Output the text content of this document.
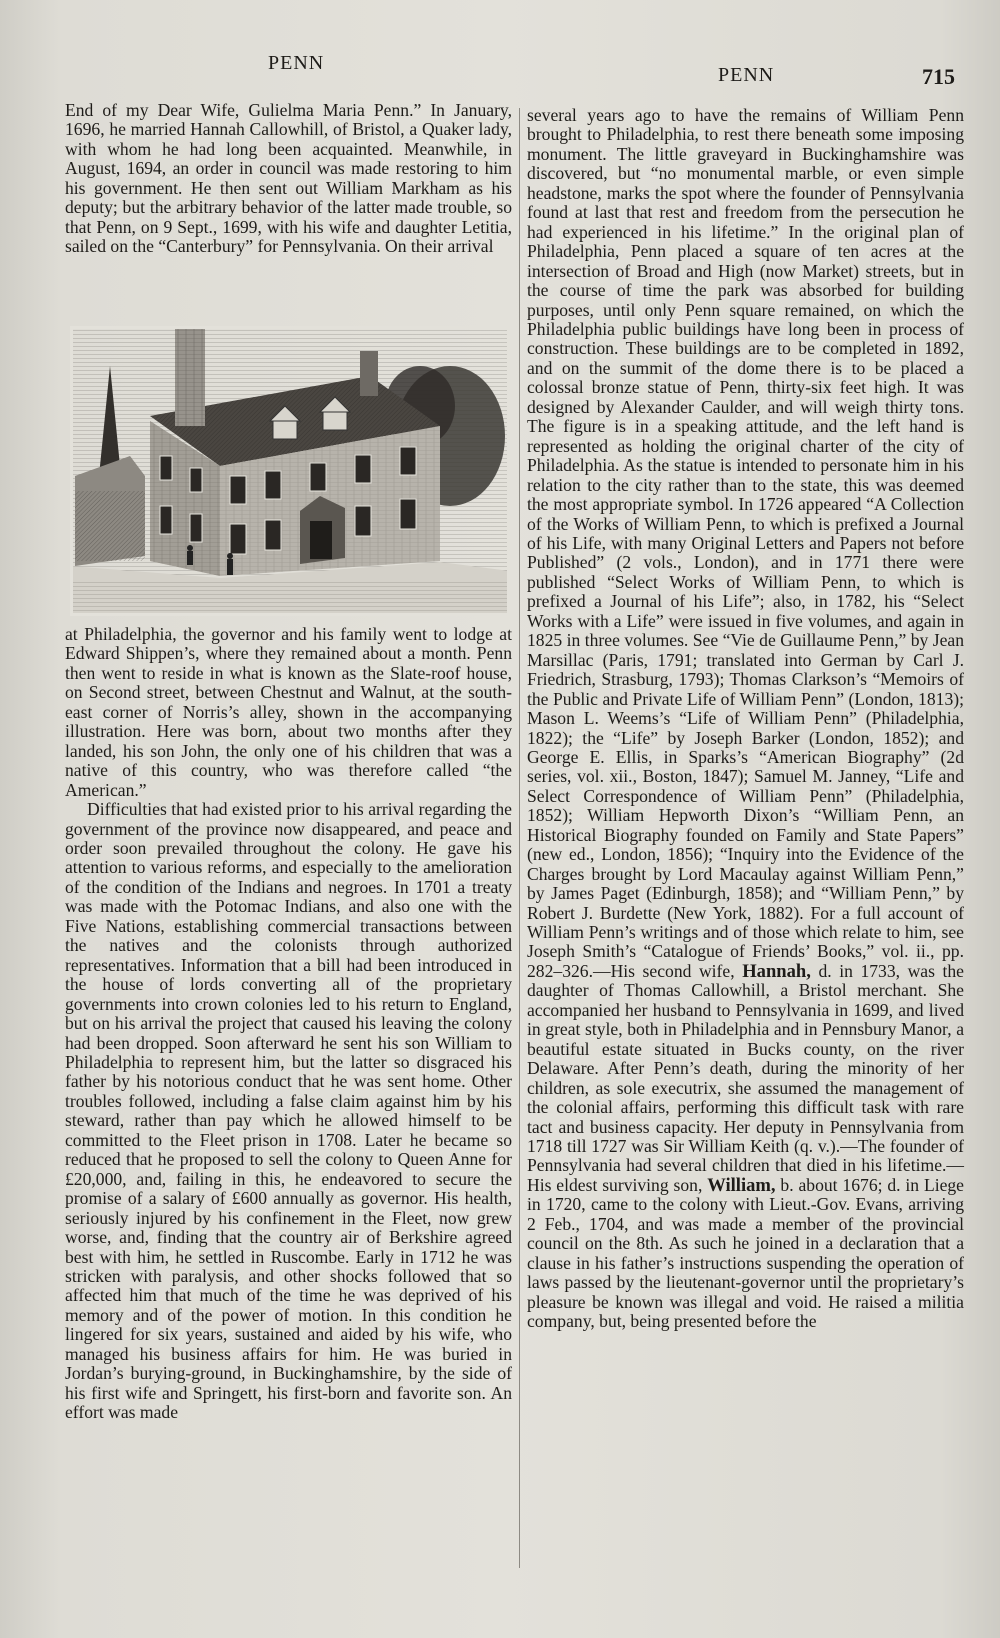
PENN
PENN	715

End of my Dear Wife, Gulielma Maria Penn.” In January, 1696, he married Hannah Callowhill, of Bristol, a Quaker lady, with whom he had long been acquainted. Meanwhile, in August, 1694, an order in council was made restoring to him his government. He then sent out William Markham as his deputy; but the arbitrary behavior of the latter made trouble, so that Penn, on 9 Sept., 1699, with his wife and daughter Letitia, sailed on the “Canterbury” for Pennsylvania. On their arrival

at Philadelphia, the governor and his family went to lodge at Edward Shippen’s, where they remained about a month. Penn then went to reside in what is known as the Slate-roof house, on Second street, between Chestnut and Walnut, at the south-east corner of Norris’s alley, shown in the accompanying illustration. Here was born, about two months after they landed, his son John, the only one of his children that was a native of this country, who was therefore called “the American.”

Difficulties that had existed prior to his arrival regarding the government of the province now disappeared, and peace and order soon prevailed throughout the colony. He gave his attention to various reforms, and especially to the amelioration of the condition of the Indians and negroes. In 1701 a treaty was made with the Potomac Indians, and also one with the Five Nations, establishing commercial transactions between the natives and the colonists through authorized representatives. Information that a bill had been introduced in the house of lords converting all of the proprietary governments into crown colonies led to his return to England, but on his arrival the project that caused his leaving the colony had been dropped. Soon afterward he sent his son William to Philadelphia to represent him, but the latter so disgraced his father by his notorious conduct that he was sent home. Other troubles followed, including a false claim against him by his steward, rather than pay which he allowed himself to be committed to the Fleet prison in 1708. Later he became so reduced that he proposed to sell the colony to Queen Anne for £20,000, and, failing in this, he endeavored to secure the promise of a salary of £600 annually as governor. His health, seriously injured by his confinement in the Fleet, now grew worse, and, finding that the country air of Berkshire agreed best with him, he settled in Ruscombe. Early in 1712 he was stricken with paralysis, and other shocks followed that so affected him that much of the time he was deprived of his memory and of the power of motion. In this condition he lingered for six years, sustained and aided by his wife, who managed his business affairs for him. He was buried in Jordan’s burying-ground, in Buckinghamshire, by the side of his first wife and Springett, his first-born and favorite son. An effort was made

several years ago to have the remains of William Penn brought to Philadelphia, to rest there beneath some imposing monument. The little graveyard in Buckinghamshire was discovered, but “no monumental marble, or even simple headstone, marks the spot where the founder of Pennsylvania found at last that rest and freedom from the persecution he had experienced in his lifetime.” In the original plan of Philadelphia, Penn placed a square of ten acres at the intersection of Broad and High (now Market) streets, but in the course of time the park was absorbed for building purposes, until only Penn square remained, on which the Philadelphia public buildings have long been in process of construction. These buildings are to be completed in 1892, and on the summit of the dome there is to be placed a colossal bronze statue of Penn, thirty-six feet high. It was designed by Alexander Caulder, and will weigh thirty tons. The figure is in a speaking attitude, and the left hand is represented as holding the original charter of the city of Philadelphia. As the statue is intended to personate him in his relation to the city rather than to the state, this was deemed the most appropriate symbol. In 1726 appeared “A Collection of the Works of William Penn, to which is prefixed a Journal of his Life, with many Original Letters and Papers not before Published” (2 vols., London), and in 1771 there were published “Select Works of William Penn, to which is prefixed a Journal of his Life”; also, in 1782, his “Select Works with a Life” were issued in five volumes, and again in 1825 in three volumes. See “Vie de Guillaume Penn,” by Jean Marsillac (Paris, 1791; translated into German by Carl J. Friedrich, Strasburg, 1793); Thomas Clarkson’s “Memoirs of the Public and Private Life of William Penn” (London, 1813); Mason L. Weems’s “Life of William Penn” (Philadelphia, 1822); the “Life” by Joseph Barker (London, 1852); and George E. Ellis, in Sparks’s “American Biography” (2d series, vol. xii., Boston, 1847); Samuel M. Janney, “Life and Select Correspondence of William Penn” (Philadelphia, 1852); William Hepworth Dixon’s “William Penn, an Historical Biography founded on Family and State Papers” (new ed., London, 1856); “Inquiry into the Evidence of the Charges brought by Lord Macaulay against William Penn,” by James Paget (Edinburgh, 1858); and “William Penn,” by Robert J. Burdette (New York, 1882). For a full account of William Penn’s writings and of those which relate to him, see Joseph Smith’s “Catalogue of Friends’ Books,” vol. ii., pp. 282–326.—His second wife, Hannah, d. in 1733, was the daughter of Thomas Callowhill, a Bristol merchant. She accompanied her husband to Pennsylvania in 1699, and lived in great style, both in Philadelphia and in Pennsbury Manor, a beautiful estate situated in Bucks county, on the river Delaware. After Penn’s death, during the minority of her children, as sole executrix, she assumed the management of the colonial affairs, performing this difficult task with rare tact and business capacity. Her deputy in Pennsylvania from 1718 till 1727 was Sir William Keith (q. v.).—The founder of Pennsylvania had several children that died in his lifetime.—His eldest surviving son, William, b. about 1676; d. in Liege in 1720, came to the colony with Lieut.-Gov. Evans, arriving 2 Feb., 1704, and was made a member of the provincial council on the 8th. As such he joined in a declaration that a clause in his father’s instructions suspending the operation of laws passed by the lieutenant-governor until the proprietary’s pleasure be known was illegal and void. He raised a militia company, but, being presented before the
